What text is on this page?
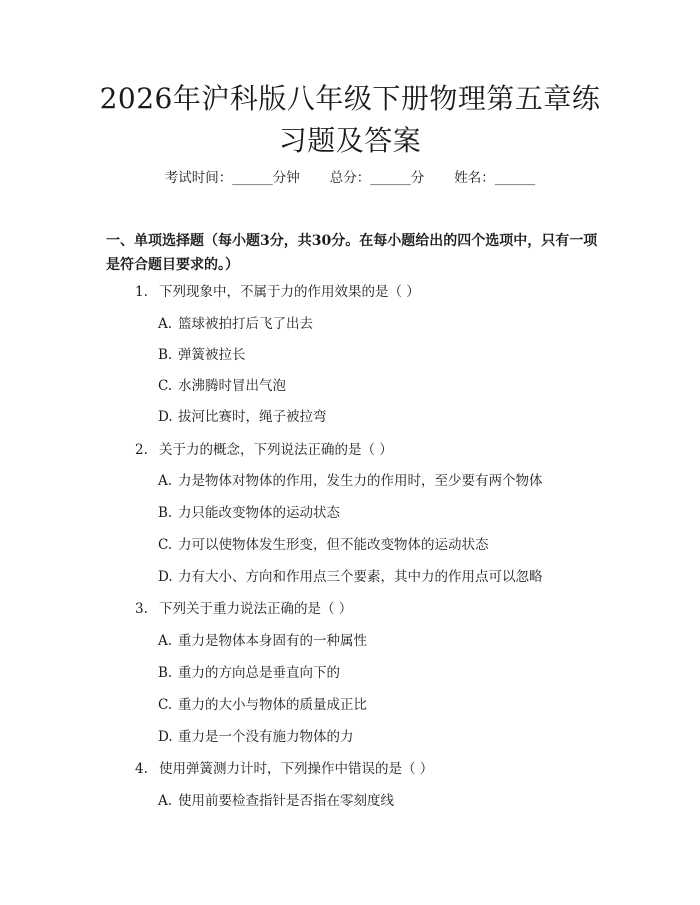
2026年沪科版八年级下册物理第五章练习题及答案
考试时间：______分钟 总分：______分 姓名：______
一、单项选择题（每小题3分，共30分。在每小题给出的四个选项中，只有一项是符合题目要求的。）
1. 下列现象中，不属于力的作用效果的是（ ）
A. 篮球被拍打后飞了出去
B. 弹簧被拉长
C. 水沸腾时冒出气泡
D. 拔河比赛时，绳子被拉弯
2. 关于力的概念，下列说法正确的是（ ）
A. 力是物体对物体的作用，发生力的作用时，至少要有两个物体
B. 力只能改变物体的运动状态
C. 力可以使物体发生形变，但不能改变物体的运动状态
D. 力有大小、方向和作用点三个要素，其中力的作用点可以忽略
3. 下列关于重力说法正确的是（ ）
A. 重力是物体本身固有的一种属性
B. 重力的方向总是垂直向下的
C. 重力的大小与物体的质量成正比
D. 重力是一个没有施力物体的力
4. 使用弹簧测力计时，下列操作中错误的是（ ）
A. 使用前要检查指针是否指在零刻度线
